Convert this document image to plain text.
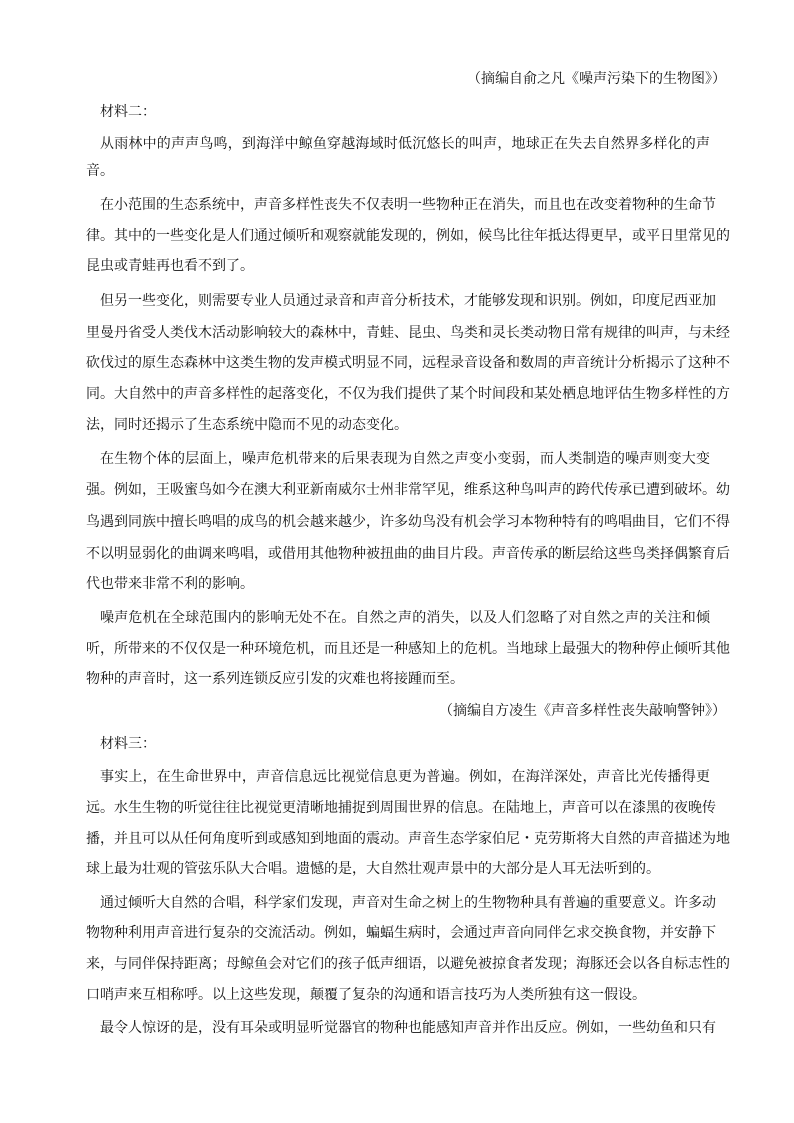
（摘编自俞之凡《噪声污染下的生物图》）
材料二：
从雨林中的声声鸟鸣，到海洋中鲸鱼穿越海域时低沉悠长的叫声，地球正在失去自然界多样化的声
音。
在小范围的生态系统中，声音多样性丧失不仅表明一些物种正在消失，而且也在改变着物种的生命节
律。其中的一些变化是人们通过倾听和观察就能发现的，例如，候鸟比往年抵达得更早，或平日里常见的
昆虫或青蛙再也看不到了。
但另一些变化，则需要专业人员通过录音和声音分析技术，才能够发现和识别。例如，印度尼西亚加
里曼丹省受人类伐木活动影响较大的森林中，青蛙、昆虫、鸟类和灵长类动物日常有规律的叫声，与未经
砍伐过的原生态森林中这类生物的发声模式明显不同，远程录音设备和数周的声音统计分析揭示了这种不
同。大自然中的声音多样性的起落变化，不仅为我们提供了某个时间段和某处栖息地评估生物多样性的方
法，同时还揭示了生态系统中隐而不见的动态变化。
在生物个体的层面上，噪声危机带来的后果表现为自然之声变小变弱，而人类制造的噪声则变大变
强。例如，王吸蜜鸟如今在澳大利亚新南威尔士州非常罕见，维系这种鸟叫声的跨代传承已遭到破坏。幼
鸟遇到同族中擅长鸣唱的成鸟的机会越来越少，许多幼鸟没有机会学习本物种特有的鸣唱曲目，它们不得
不以明显弱化的曲调来鸣唱，或借用其他物种被扭曲的曲目片段。声音传承的断层给这些鸟类择偶繁育后
代也带来非常不利的影响。
噪声危机在全球范围内的影响无处不在。自然之声的消失，以及人们忽略了对自然之声的关注和倾
听，所带来的不仅仅是一种环境危机，而且还是一种感知上的危机。当地球上最强大的物种停止倾听其他
物种的声音时，这一系列连锁反应引发的灾难也将接踵而至。
（摘编自方凌生《声音多样性丧失敲响警钟》）
材料三：
事实上，在生命世界中，声音信息远比视觉信息更为普遍。例如，在海洋深处，声音比光传播得更
远。水生生物的听觉往往比视觉更清晰地捕捉到周围世界的信息。在陆地上，声音可以在漆黑的夜晚传
播，并且可以从任何角度听到或感知到地面的震动。声音生态学家伯尼・克劳斯将大自然的声音描述为地
球上最为壮观的管弦乐队大合唱。遗憾的是，大自然壮观声景中的大部分是人耳无法听到的。
通过倾听大自然的合唱，科学家们发现，声音对生命之树上的生物物种具有普遍的重要意义。许多动
物物种利用声音进行复杂的交流活动。例如，蝙蝠生病时，会通过声音向同伴乞求交换食物，并安静下
来，与同伴保持距离；母鲸鱼会对它们的孩子低声细语，以避免被掠食者发现；海豚还会以各自标志性的
口哨声来互相称呼。以上这些发现，颠覆了复杂的沟通和语言技巧为人类所独有这一假设。
最令人惊讶的是，没有耳朵或明显听觉器官的物种也能感知声音并作出反应。例如，一些幼鱼和只有
